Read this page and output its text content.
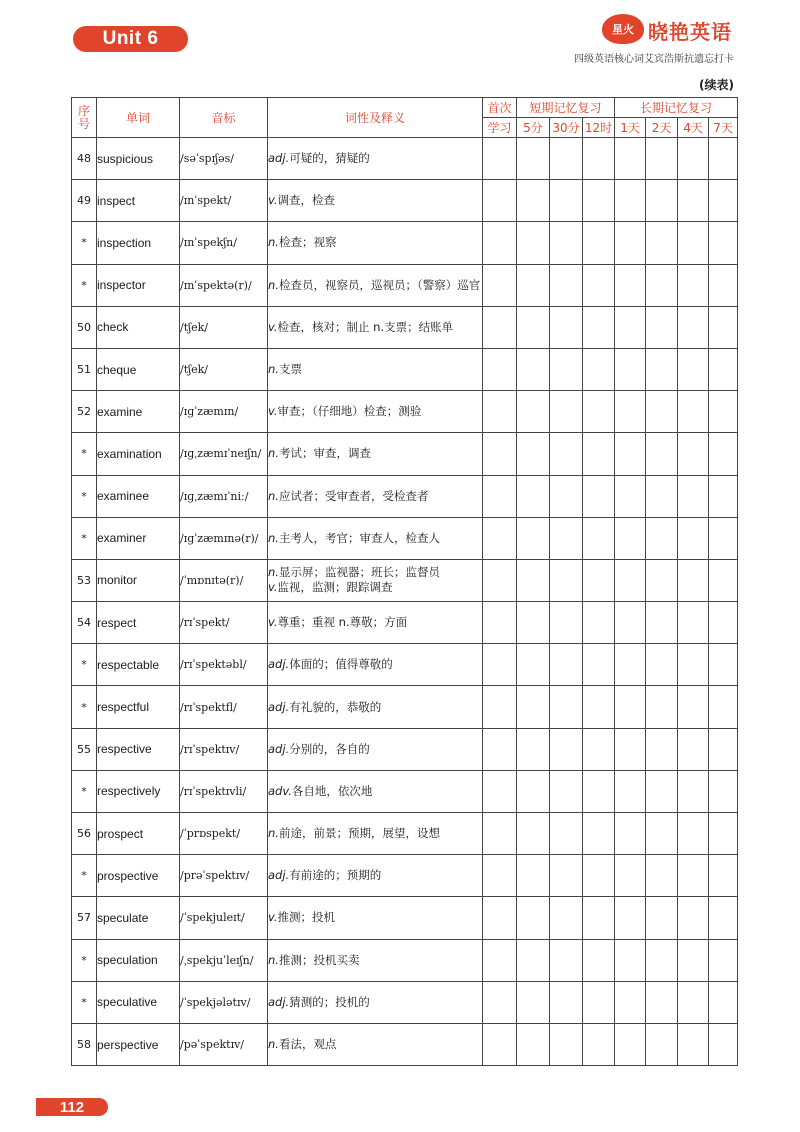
Unit 6	星火 晓艳英语
四级英语核心词艾宾浩斯抗遗忘打卡
(续表)
序号	单词	音标	词性及释义	首次	短期记忆复习			长期记忆复习			
				学习	5分	30分	12时	1天	2天	4天	7天
48	suspicious	/səˈspɪʃəs/	adj.可疑的，猜疑的								
49	inspect	/ɪnˈspekt/	v.调查，检查								
*	inspection	/ɪnˈspekʃn/	n.检查；视察								
*	inspector	/ɪnˈspektə(r)/	n.检查员，视察员，巡视员；（警察）巡官								
50	check	/tʃek/	v.检查，核对；制止 n.支票；结账单								
51	cheque	/tʃek/	n.支票								
52	examine	/ɪɡˈzæmɪn/	v.审查；（仔细地）检查；测验								
*	examination	/ɪɡˌzæmɪˈneɪʃn/	n.考试；审查，调查								
*	examinee	/ɪɡˌzæmɪˈniː/	n.应试者；受审查者，受检查者								
*	examiner	/ɪɡˈzæmɪnə(r)/	n.主考人，考官；审查人，检查人								
53	monitor	/ˈmɒnɪtə(r)/	n.显示屏；监视器；班长；监督员
v.监视，监测；跟踪调查								
54	respect	/rɪˈspekt/	v.尊重；重视 n.尊敬；方面								
*	respectable	/rɪˈspektəbl/	adj.体面的；值得尊敬的								
*	respectful	/rɪˈspektfl/	adj.有礼貌的，恭敬的								
55	respective	/rɪˈspektɪv/	adj.分别的，各自的								
*	respectively	/rɪˈspektɪvli/	adv.各自地，依次地								
56	prospect	/ˈprɒspekt/	n.前途，前景；预期，展望，设想								
*	prospective	/prəˈspektɪv/	adj.有前途的；预期的								
57	speculate	/ˈspekjuleɪt/	v.推测；投机								
*	speculation	/ˌspekjuˈleɪʃn/	n.推测；投机买卖								
*	speculative	/ˈspekjələtɪv/	adj.猜测的；投机的								
58	perspective	/pəˈspektɪv/	n.看法，观点								
112
